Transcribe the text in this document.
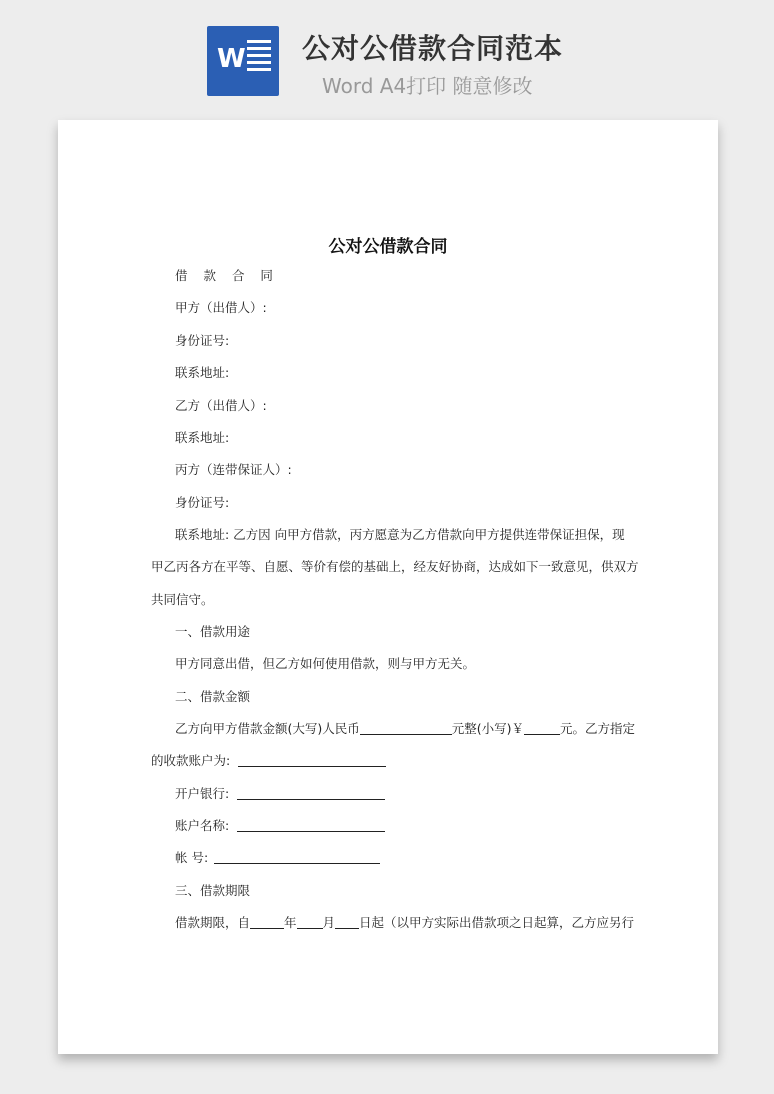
W 公对公借款合同范本
Word A4打印 随意修改
公对公借款合同
借 款 合 同
甲方（出借人）:
身份证号:
联系地址:
乙方（出借人）:
联系地址:
丙方（连带保证人）:
身份证号:
联系地址: 乙方因 向甲方借款，丙方愿意为乙方借款向甲方提供连带保证担保，现
甲乙丙各方在平等、自愿、等价有偿的基础上，经友好协商，达成如下一致意见，供双方
共同信守。
一、借款用途
甲方同意出借，但乙方如何使用借款，则与甲方无关。
二、借款金额
乙方向甲方借款金额(大写)人民币	元整(小写)￥	元。乙方指定
的收款账户为:
开户银行:
账户名称:
帐 号:
三、借款期限
借款期限，自	年 月 日起（以甲方实际出借款项之日起算，乙方应另行
